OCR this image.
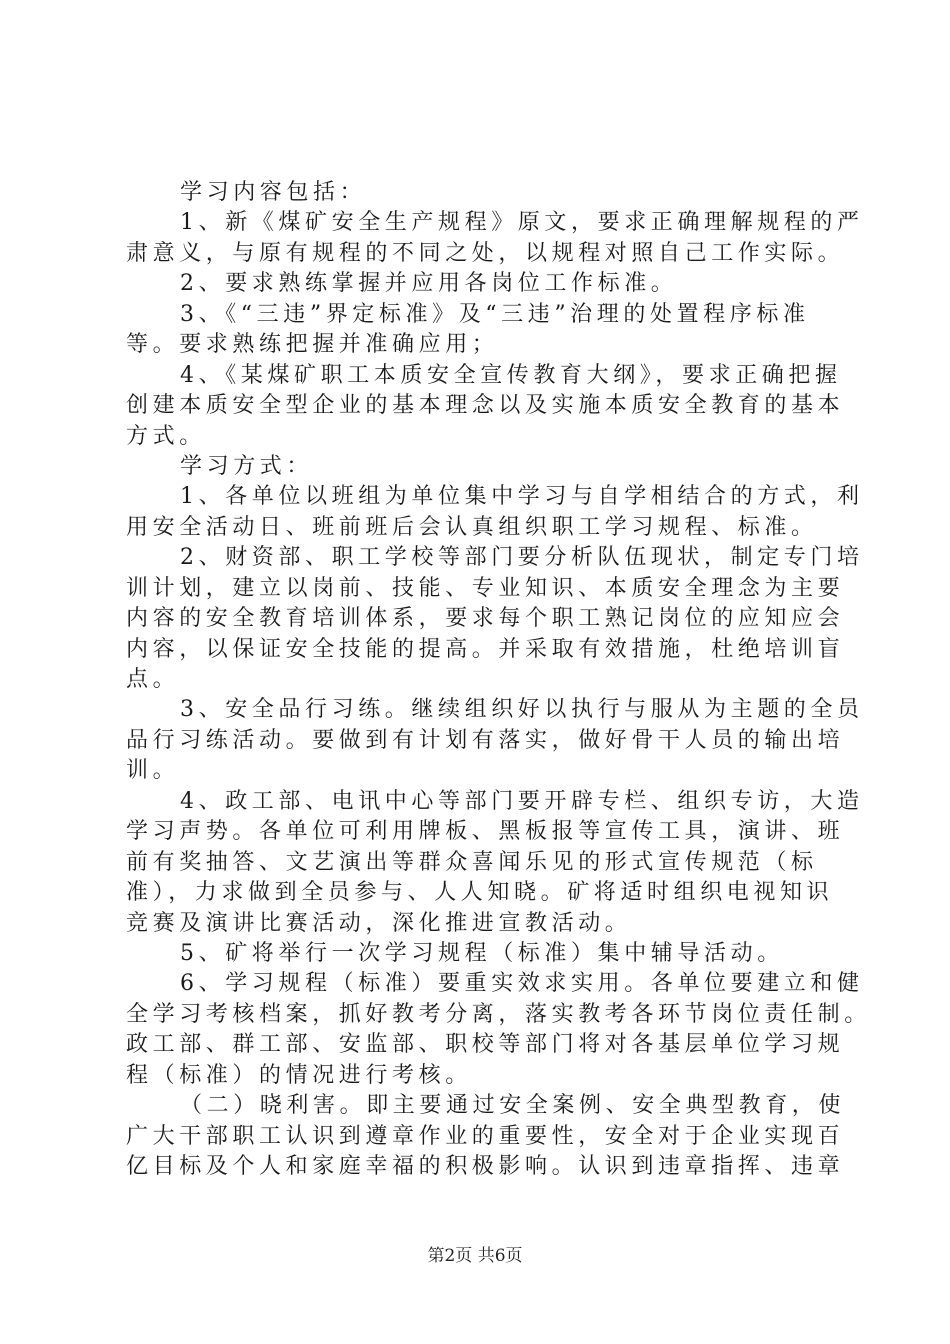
学习内容包括：
1、新《煤矿安全生产规程》原文，要求正确理解规程的严
肃意义，与原有规程的不同之处，以规程对照自己工作实际。
2、要求熟练掌握并应用各岗位工作标准。
3、《“三违”界定标准》及“三违”治理的处置程序标准
等。要求熟练把握并准确应用；
4、《某煤矿职工本质安全宣传教育大纲》，要求正确把握
创建本质安全型企业的基本理念以及实施本质安全教育的基本
方式。
学习方式：
1、各单位以班组为单位集中学习与自学相结合的方式，利
用安全活动日、班前班后会认真组织职工学习规程、标准。
2、财资部、职工学校等部门要分析队伍现状，制定专门培
训计划，建立以岗前、技能、专业知识、本质安全理念为主要
内容的安全教育培训体系，要求每个职工熟记岗位的应知应会
内容，以保证安全技能的提高。并采取有效措施，杜绝培训盲
点。
3、安全品行习练。继续组织好以执行与服从为主题的全员
品行习练活动。要做到有计划有落实，做好骨干人员的输出培
训。
4、政工部、电讯中心等部门要开辟专栏、组织专访，大造
学习声势。各单位可利用牌板、黑板报等宣传工具，演讲、班
前有奖抽答、文艺演出等群众喜闻乐见的形式宣传规范（标
准），力求做到全员参与、人人知晓。矿将适时组织电视知识
竞赛及演讲比赛活动，深化推进宣教活动。
5、矿将举行一次学习规程（标准）集中辅导活动。
6、学习规程（标准）要重实效求实用。各单位要建立和健
全学习考核档案，抓好教考分离，落实教考各环节岗位责任制。
政工部、群工部、安监部、职校等部门将对各基层单位学习规
程（标准）的情况进行考核。
（二）晓利害。即主要通过安全案例、安全典型教育，使
广大干部职工认识到遵章作业的重要性，安全对于企业实现百
亿目标及个人和家庭幸福的积极影响。认识到违章指挥、违章
第2页 共6页
